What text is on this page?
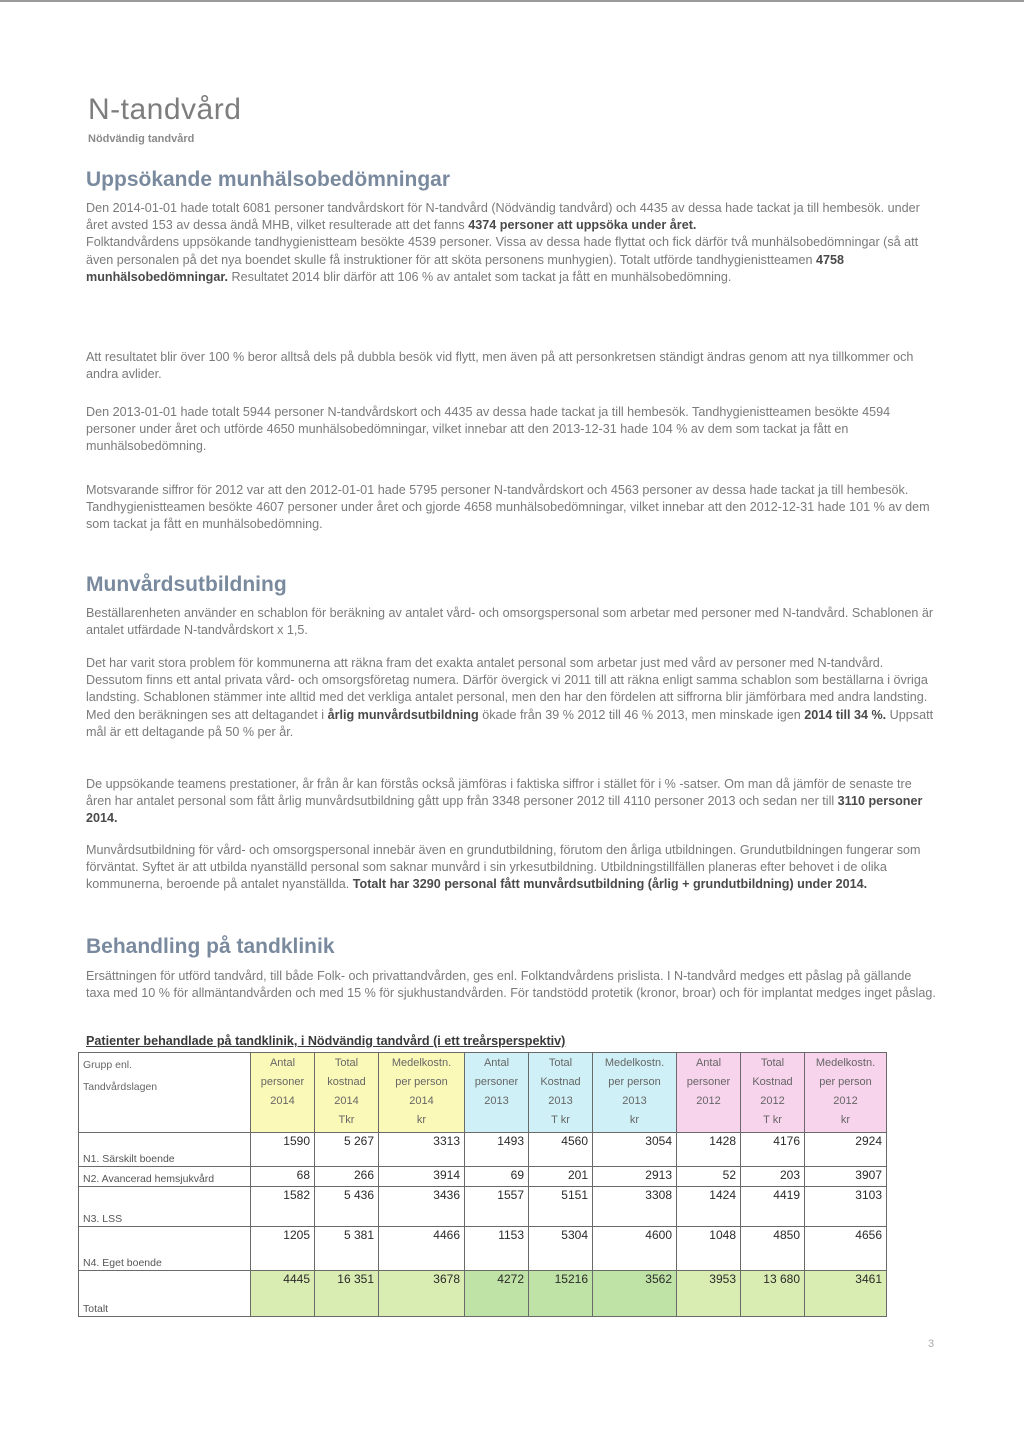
N-tandvård
Nödvändig tandvård
Uppsökande munhälsobedömningar

Den 2014-01-01 hade totalt 6081 personer tandvårdskort för N-tandvård (Nödvändig tandvård) och 4435 av dessa hade tackat ja till hembesök. under året avsted 153 av dessa ändå MHB, vilket resulterade att det fanns 4374 personer att uppsöka under året.
Folktandvårdens uppsökande tandhygienistteam besökte 4539 personer. Vissa av dessa hade flyttat och fick därför två munhälsobedömningar (så att även personalen på det nya boendet skulle få instruktioner för att sköta personens munhygien). Totalt utförde tandhygienistteamen 4758 munhälsobedömningar. Resultatet 2014 blir därför att 106 % av antalet som tackat ja fått en munhälsobedömning.

Att resultatet blir över 100 % beror alltså dels på dubbla besök vid flytt, men även på att personkretsen ständigt ändras genom att nya tillkommer och andra avlider.

Den 2013-01-01 hade totalt 5944 personer N-tandvårdskort och 4435 av dessa hade tackat ja till hembesök. Tandhygienistteamen besökte 4594 personer under året och utförde 4650 munhälsobedömningar, vilket innebar att den 2013-12-31 hade 104 % av dem som tackat ja fått en munhälsobedömning.

Motsvarande siffror för 2012 var att den 2012-01-01 hade 5795 personer N-tandvårdskort och 4563 personer av dessa hade tackat ja till hembesök. Tandhygienistteamen besökte 4607 personer under året och gjorde 4658 munhälsobedömningar, vilket innebar att den 2012-12-31 hade 101 % av dem som tackat ja fått en munhälsobedömning.

Munvårdsutbildning

Beställarenheten använder en schablon för beräkning av antalet vård- och omsorgspersonal som arbetar med personer med N-tandvård. Schablonen är antalet utfärdade N-tandvårdskort x 1,5.

Det har varit stora problem för kommunerna att räkna fram det exakta antalet personal som arbetar just med vård av personer med N-tandvård. Dessutom finns ett antal privata vård- och omsorgsföretag numera. Därför övergick vi 2011 till att räkna enligt samma schablon som beställarna i övriga landsting. Schablonen stämmer inte alltid med det verkliga antalet personal, men den har den fördelen att siffrorna blir jämförbara med andra landsting. Med den beräkningen ses att deltagandet i årlig munvårdsutbildning ökade från 39 % 2012 till 46 % 2013, men minskade igen 2014 till 34 %. Uppsatt mål är ett deltagande på 50 % per år.

De uppsökande teamens prestationer, år från år kan förstås också jämföras i faktiska siffror i stället för i % -satser. Om man då jämför de senaste tre åren har antalet personal som fått årlig munvårdsutbildning gått upp från 3348 personer 2012 till 4110 personer 2013 och sedan ner till 3110 personer 2014.

Munvårdsutbildning för vård- och omsorgspersonal innebär även en grundutbildning, förutom den årliga utbildningen. Grundutbildningen fungerar som förväntat. Syftet är att utbilda nyanställd personal som saknar munvård i sin yrkesutbildning. Utbildningstillfällen planeras efter behovet i de olika kommunerna, beroende på antalet nyanställda. Totalt har 3290 personal fått munvårdsutbildning (årlig + grundutbildning) under 2014.

Behandling på tandklinik

Ersättningen för utförd tandvård, till både Folk- och privattandvården, ges enl. Folktandvårdens prislista. I N-tandvård medges ett påslag på gällande taxa med 10 % för allmäntandvården och med 15 % för sjukhustandvården. För tandstödd protetik (kronor, broar) och för implantat medges inget påslag.

Patienter behandlade på tandklinik, i Nödvändig tandvård (i ett treårsperspektiv)
Grupp enl.
Tandvårdslagen	Antal
personer
2014	Total
kostnad
2014
Tkr	Medelkostn.
per person
2014
kr	Antal
personer
2013	Total
Kostnad
2013
T kr	Medelkostn.
per person
2013
kr	Antal
personer
2012	Total
Kostnad
2012
T kr	Medelkostn.
per person
2012
kr
N1. Särskilt boende	1590	5 267	3313	1493	4560	3054	1428	4176	2924
N2. Avancerad hemsjukvård	68	266	3914	69	201	2913	52	203	3907
N3. LSS	1582	5 436	3436	1557	5151	3308	1424	4419	3103
N4. Eget boende	1205	5 381	4466	1153	5304	4600	1048	4850	4656
Totalt	4445	16 351	3678	4272	15216	3562	3953	13 680	3461
3
